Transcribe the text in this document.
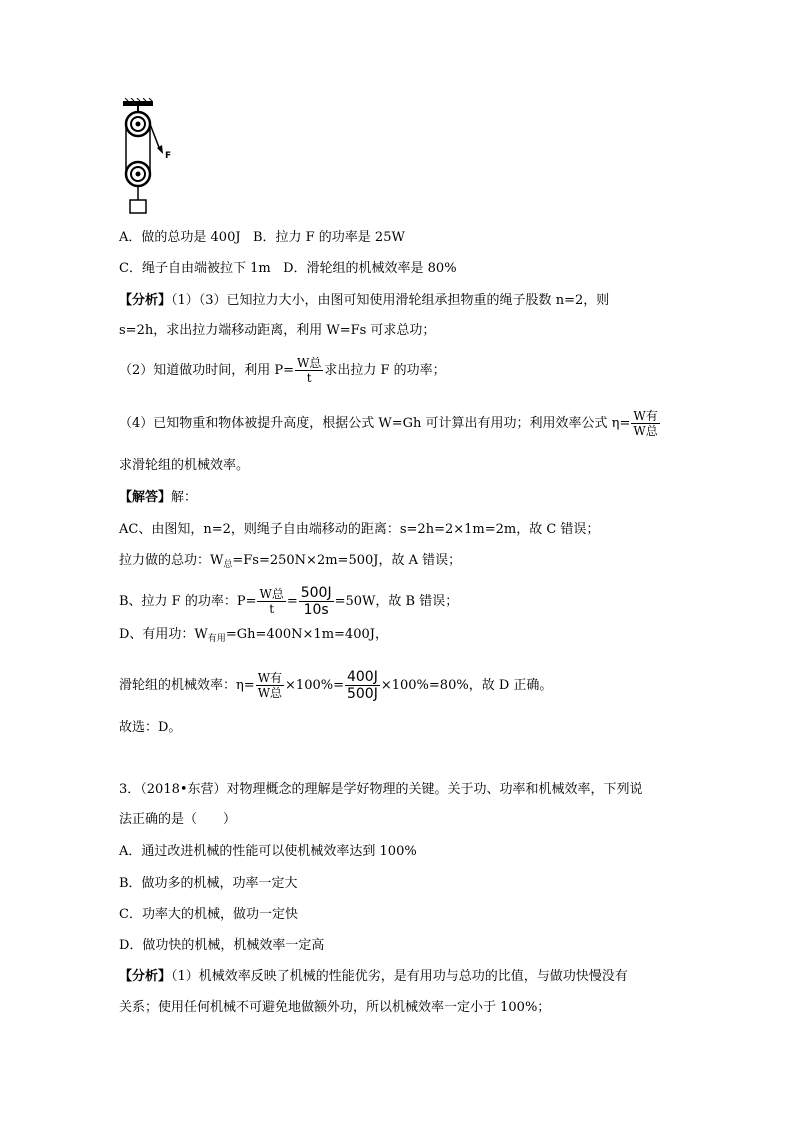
F
A．做的总功是 400J B．拉力 F 的功率是 25W
C．绳子自由端被拉下 1m D．滑轮组的机械效率是 80%
【分析】（1）（3）已知拉力大小，由图可知使用滑轮组承担物重的绳子股数 n=2，则
s=2h，求出拉力端移动距离，利用 W=Fs 可求总功；
（2）知道做功时间，利用 $P= \frac{\text{W总}}{t}$ 求出拉力 F 的功率；
（4）已知物重和物体被提升高度，根据公式 W=Gh 可计算出有用功；利用效率公式 $\eta= \frac{\text{W有}}{\text{W总}}$
求滑轮组的机械效率。
【解答】解：
AC、由图知，n=2，则绳子自由端移动的距离：s=2h=2×1m=2m，故 C 错误；
拉力做的总功：$W_总=Fs=250N\times 2m=500J$，故 A 错误；
B、拉力 F 的功率：$P= \frac{\text{W总}}{t} = \frac{500J}{10s} =50W$，故 B 错误；
D、有用功：$W_{有用}=Gh=400N\times 1m=400J$，
滑轮组的机械效率：$\eta= \frac{\text{W有}}{\text{W总}} \times 100\%= \frac{400J}{500J} \times 100\%=80\%$，故 D 正确。
故选：D。
3．（2018•东营）对物理概念的理解是学好物理的关键。关于功、功率和机械效率，下列说
法正确的是（　　）
A．通过改进机械的性能可以使机械效率达到 100%
B．做功多的机械，功率一定大
C．功率大的机械，做功一定快
D．做功快的机械，机械效率一定高
【分析】（1）机械效率反映了机械的性能优劣，是有用功与总功的比值，与做功快慢没有
关系；使用任何机械不可避免地做额外功，所以机械效率一定小于 100%；
